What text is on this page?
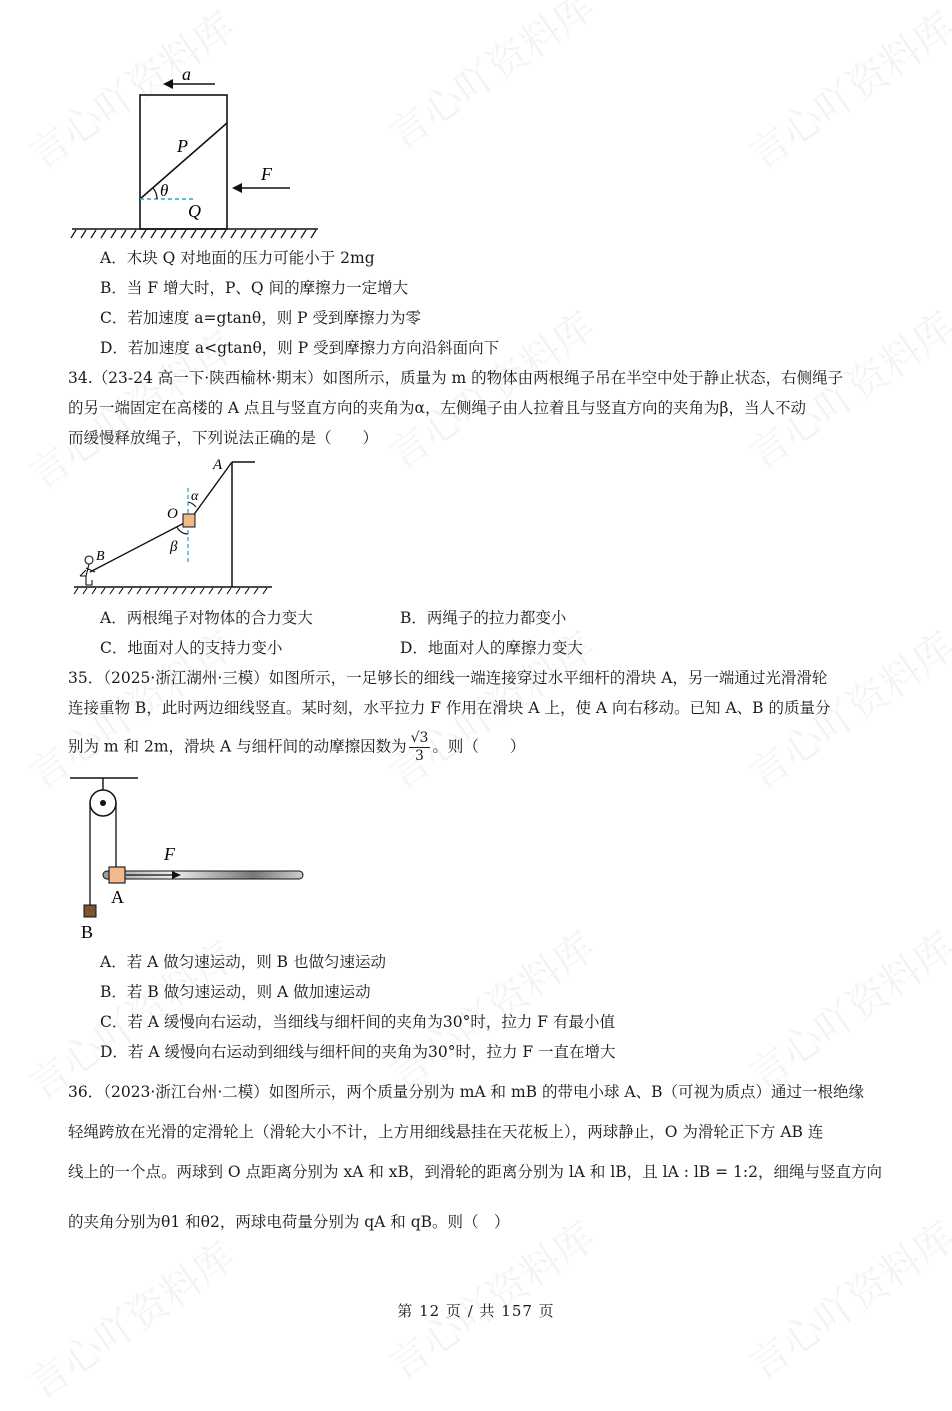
a
θ
P
Q
F
A．木块 Q 对地面的压力可能小于 2mg
B．当 F 增大时，P、Q 间的摩擦力一定增大
C．若加速度 a=gtanθ，则 P 受到摩擦力为零
D．若加速度 a<gtanθ，则 P 受到摩擦力方向沿斜面向下
34.（23-24 高一下·陕西榆林·期末）如图所示，质量为 m 的物体由两根绳子吊在半空中处于静止状态，右侧绳子
的另一端固定在高楼的 A 点且与竖直方向的夹角为α，左侧绳子由人拉着且与竖直方向的夹角为β，当人不动
而缓慢释放绳子，下列说法正确的是（　　）
A
O
α
β
B
A．两根绳子对物体的合力变大	B．两绳子的拉力都变小
C．地面对人的支持力变小	D．地面对人的摩擦力变大
35．（2025·浙江湖州·三模）如图所示，一足够长的细线一端连接穿过水平细杆的滑块 A，另一端通过光滑滑轮
连接重物 B，此时两边细线竖直。某时刻，水平拉力 F 作用在滑块 A 上，使 A 向右移动。已知 A、B 的质量分
别为 m 和 2m，滑块 A 与细杆间的动摩擦因数为 $\frac{√3}{3}$ 。则（　　）
F
A
B
A．若 A 做匀速运动，则 B 也做匀速运动
B．若 B 做匀速运动，则 A 做加速运动
C．若 A 缓慢向右运动，当细线与细杆间的夹角为30°时，拉力 F 有最小值
D．若 A 缓慢向右运动到细线与细杆间的夹角为30°时，拉力 F 一直在增大
36．（2023·浙江台州·二模）如图所示，两个质量分别为 mA 和 mB 的带电小球 A、B（可视为质点）通过一根绝缘
轻绳跨放在光滑的定滑轮上（滑轮大小不计，上方用细线悬挂在天花板上），两球静止，O 为滑轮正下方 AB 连
线上的一个点。两球到 O 点距离分别为 xA 和 xB，到滑轮的距离分别为 lA 和 lB，且 lA : lB = 1:2，细绳与竖直方向
的夹角分别为θ1 和θ2，两球电荷量分别为 qA 和 qB。则（　）
第 12 页 / 共 157 页
